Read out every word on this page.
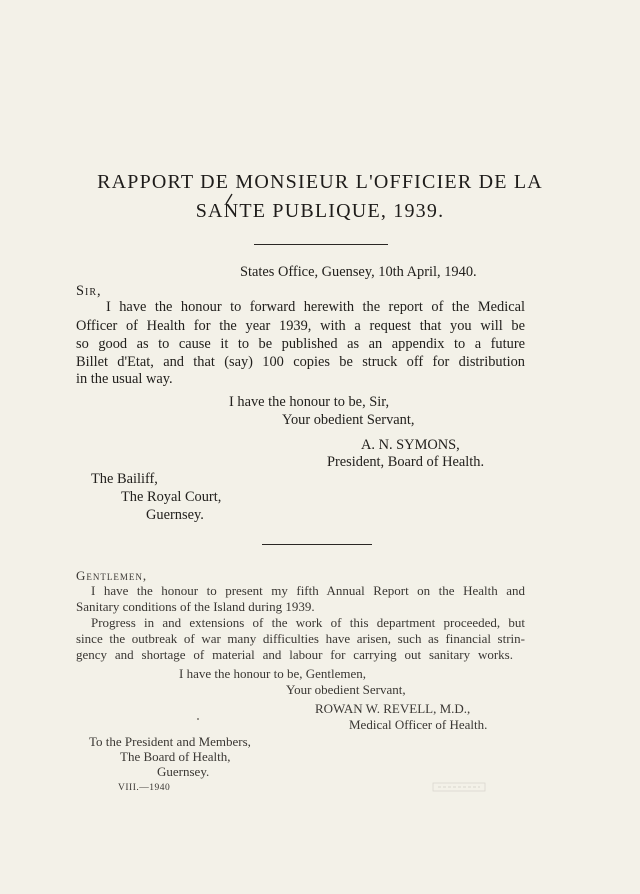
RAPPORT DE MONSIEUR L'OFFICIER DE LA
SANTE PUBLIQUE, 1939.
States Office, Guensey, 10th April, 1940.
Sir,
I have the honour to forward herewith the report of the Medical
Officer of Health for the year 1939, with a request that you will be
so good as to cause it to be published as an appendix to a future
Billet d'Etat, and that (say) 100 copies be struck off for distribution
in the usual way.
I have the honour to be, Sir,
Your obedient Servant,
A. N. SYMONS,
President, Board of Health.
The Bailiff,
The Royal Court,
Guernsey.
Gentlemen,
I have the honour to present my fifth Annual Report on the Health and
Sanitary conditions of the Island during 1939.
Progress in and extensions of the work of this department proceeded, but
since the outbreak of war many difficulties have arisen, such as financial strin-
gency and shortage of material and labour for carrying out sanitary works.
I have the honour to be, Gentlemen,
Your obedient Servant,
ROWAN W. REVELL, M.D.,
Medical Officer of Health.
To the President and Members,
The Board of Health,
Guernsey.
VIII.—1940
